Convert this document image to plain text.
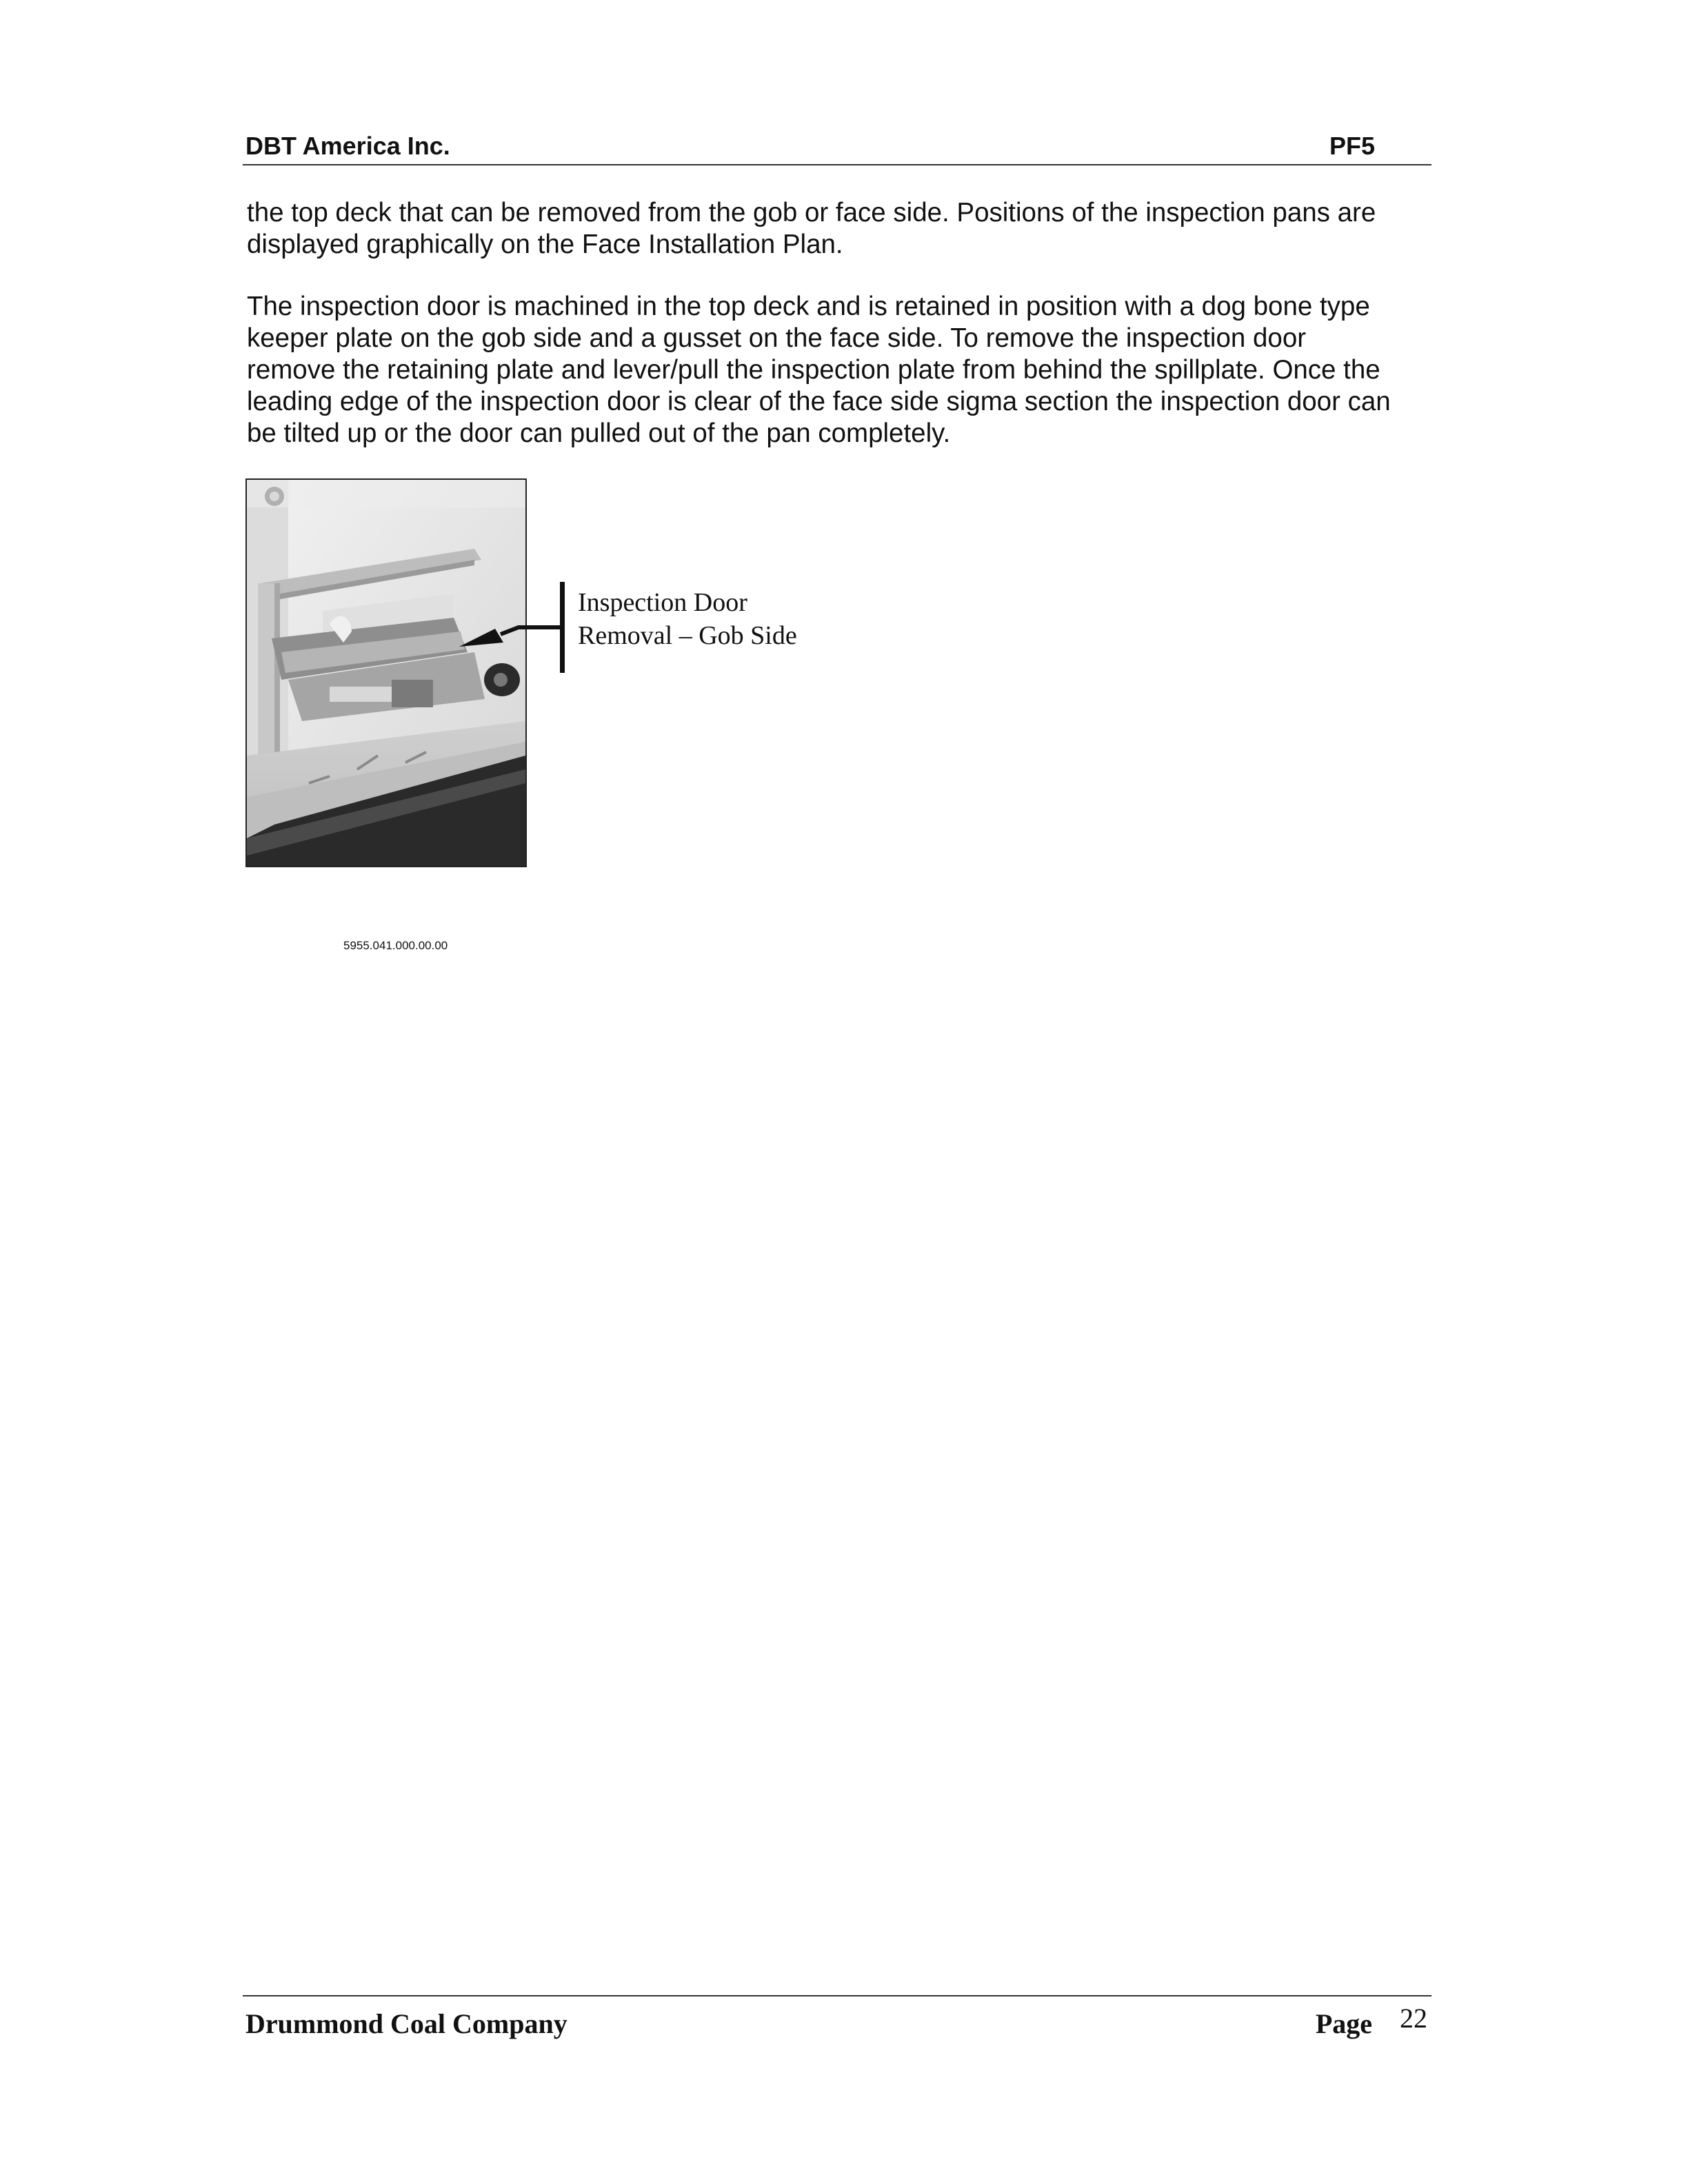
DBT America Inc.	PF5

the top deck that can be removed from the gob or face side. Positions of the inspection pans are
displayed graphically on the Face Installation Plan.

The inspection door is machined in the top deck and is retained in position with a dog bone type
keeper plate on the gob side and a gusset on the face side. To remove the inspection door
remove the retaining plate and lever/pull the inspection plate from behind the spillplate. Once the
leading edge of the inspection door is clear of the face side sigma section the inspection door can
be tilted up or the door can pulled out of the pan completely.

Inspection Door
Removal – Gob Side
5955.041.000.00.00
Drummond Coal Company	Page 22
